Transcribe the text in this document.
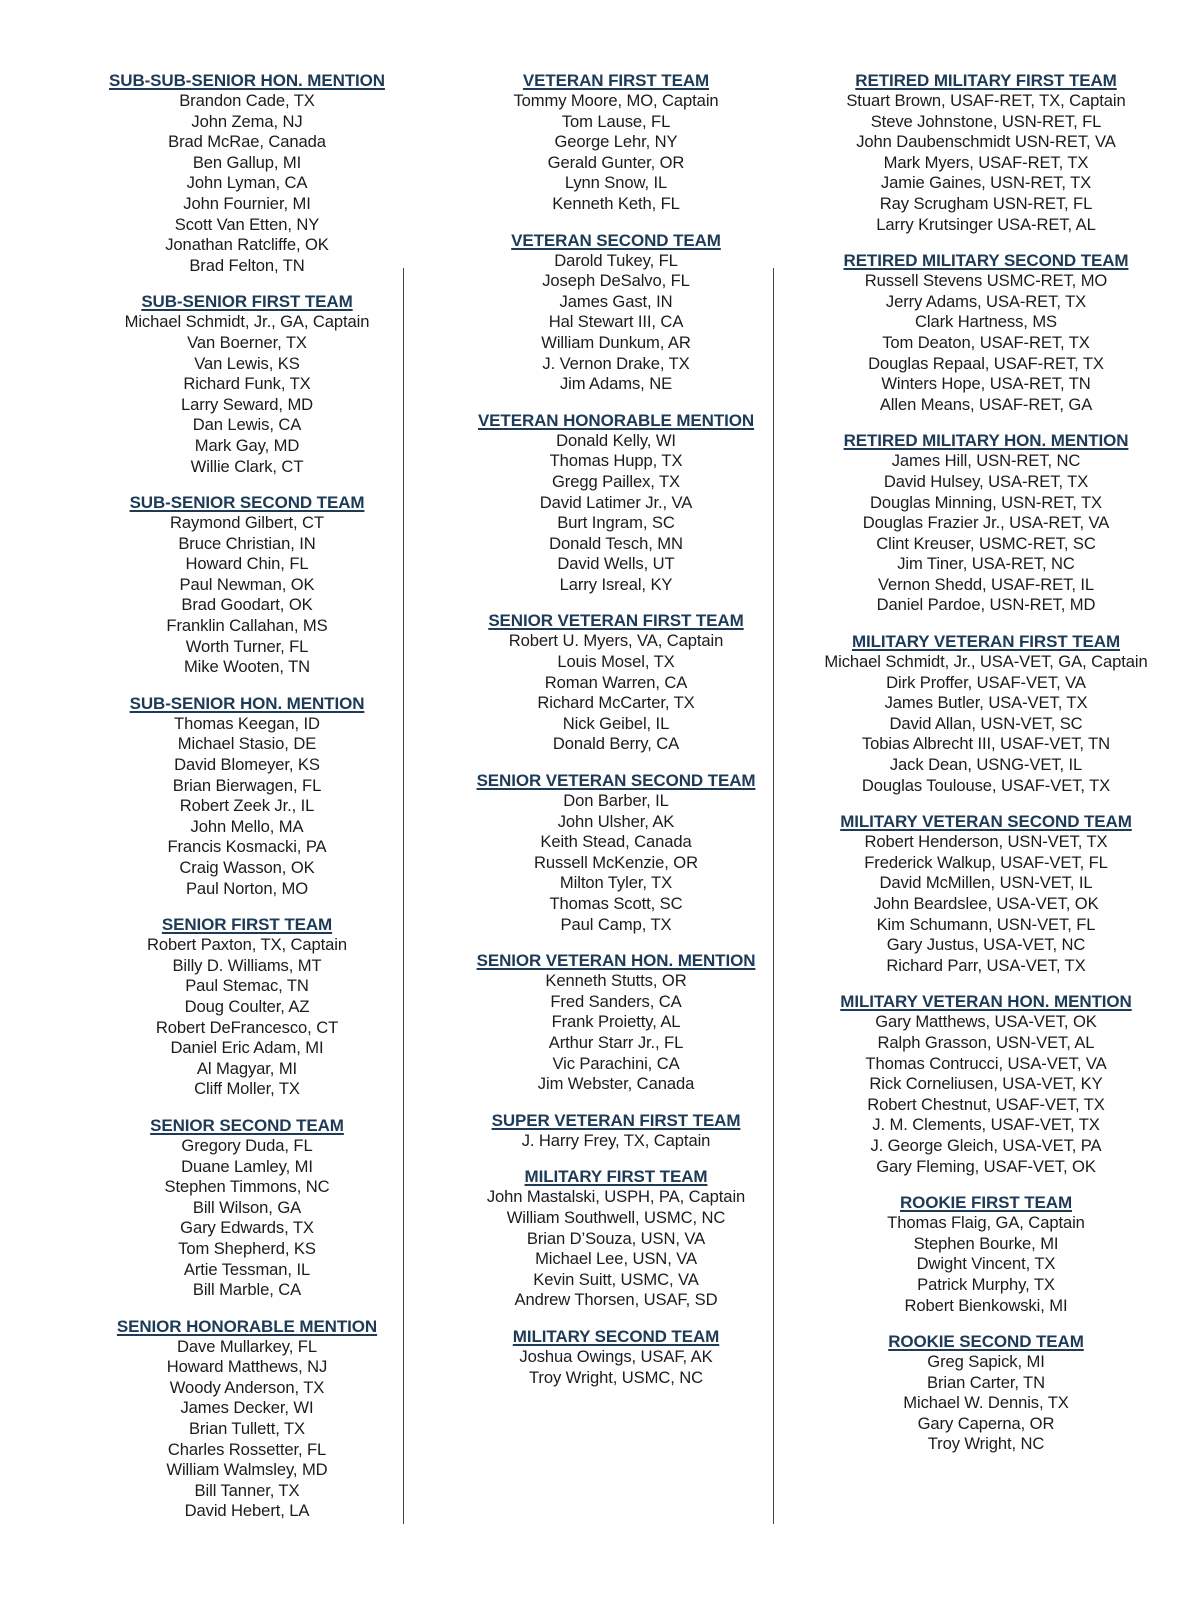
SUB-SUB-SENIOR HON. MENTION
Brandon Cade, TX
John Zema, NJ
Brad McRae, Canada
Ben Gallup, MI
John Lyman, CA
John Fournier, MI
Scott Van Etten, NY
Jonathan Ratcliffe, OK
Brad Felton, TN
SUB-SENIOR FIRST TEAM
Michael Schmidt, Jr., GA, Captain
Van Boerner, TX
Van Lewis, KS
Richard Funk, TX
Larry Seward, MD
Dan Lewis, CA
Mark Gay, MD
Willie Clark, CT
SUB-SENIOR SECOND TEAM
Raymond Gilbert, CT
Bruce Christian, IN
Howard Chin, FL
Paul Newman, OK
Brad Goodart, OK
Franklin Callahan, MS
Worth Turner, FL
Mike Wooten, TN
SUB-SENIOR HON. MENTION
Thomas Keegan, ID
Michael Stasio, DE
David Blomeyer, KS
Brian Bierwagen, FL
Robert Zeek Jr., IL
John Mello, MA
Francis Kosmacki, PA
Craig Wasson, OK
Paul Norton, MO
SENIOR FIRST TEAM
Robert Paxton, TX, Captain
Billy D. Williams, MT
Paul Stemac, TN
Doug Coulter, AZ
Robert DeFrancesco, CT
Daniel Eric Adam, MI
Al Magyar, MI
Cliff Moller, TX
SENIOR SECOND TEAM
Gregory Duda, FL
Duane Lamley, MI
Stephen Timmons, NC
Bill Wilson, GA
Gary Edwards, TX
Tom Shepherd, KS
Artie Tessman, IL
Bill Marble, CA
SENIOR HONORABLE MENTION
Dave Mullarkey, FL
Howard Matthews, NJ
Woody Anderson, TX
James Decker, WI
Brian Tullett, TX
Charles Rossetter, FL
William Walmsley, MD
Bill Tanner, TX
David Hebert, LA
VETERAN FIRST TEAM
Tommy Moore, MO, Captain
Tom Lause, FL
George Lehr, NY
Gerald Gunter, OR
Lynn Snow, IL
Kenneth Keth, FL
VETERAN SECOND TEAM
Darold Tukey, FL
Joseph DeSalvo, FL
James Gast, IN
Hal Stewart III, CA
William Dunkum, AR
J. Vernon Drake, TX
Jim Adams, NE
VETERAN HONORABLE MENTION
Donald Kelly, WI
Thomas Hupp, TX
Gregg Paillex, TX
David Latimer Jr., VA
Burt Ingram, SC
Donald Tesch, MN
David Wells, UT
Larry Isreal, KY
SENIOR VETERAN FIRST TEAM
Robert U. Myers, VA, Captain
Louis Mosel, TX
Roman Warren, CA
Richard McCarter, TX
Nick Geibel, IL
Donald Berry, CA
SENIOR VETERAN SECOND TEAM
Don Barber, IL
John Ulsher, AK
Keith Stead, Canada
Russell McKenzie, OR
Milton Tyler, TX
Thomas Scott, SC
Paul Camp, TX
SENIOR VETERAN HON. MENTION
Kenneth Stutts, OR
Fred Sanders, CA
Frank Proietty, AL
Arthur Starr Jr., FL
Vic Parachini, CA
Jim Webster, Canada
SUPER VETERAN FIRST TEAM
J. Harry Frey, TX, Captain
MILITARY FIRST TEAM
John Mastalski, USPH, PA, Captain
William Southwell, USMC, NC
Brian D’Souza, USN, VA
Michael Lee, USN, VA
Kevin Suitt, USMC, VA
Andrew Thorsen, USAF, SD
MILITARY SECOND TEAM
Joshua Owings, USAF, AK
Troy Wright, USMC, NC
RETIRED MILITARY FIRST TEAM
Stuart Brown, USAF-RET, TX, Captain
Steve Johnstone, USN-RET, FL
John Daubenschmidt USN-RET, VA
Mark Myers, USAF-RET, TX
Jamie Gaines, USN-RET, TX
Ray Scrugham USN-RET, FL
Larry Krutsinger USA-RET, AL
RETIRED MILITARY SECOND TEAM
Russell Stevens USMC-RET, MO
Jerry Adams, USA-RET, TX
Clark Hartness, MS
Tom Deaton, USAF-RET, TX
Douglas Repaal, USAF-RET, TX
Winters Hope, USA-RET, TN
Allen Means, USAF-RET, GA
RETIRED MILITARY HON. MENTION
James Hill, USN-RET, NC
David Hulsey, USA-RET, TX
Douglas Minning, USN-RET, TX
Douglas Frazier Jr., USA-RET, VA
Clint Kreuser, USMC-RET, SC
Jim Tiner, USA-RET, NC
Vernon Shedd, USAF-RET, IL
Daniel Pardoe, USN-RET, MD
MILITARY VETERAN FIRST TEAM
Michael Schmidt, Jr., USA-VET, GA, Captain
Dirk Proffer, USAF-VET, VA
James Butler, USA-VET, TX
David Allan, USN-VET, SC
Tobias Albrecht III, USAF-VET, TN
Jack Dean, USNG-VET, IL
Douglas Toulouse, USAF-VET, TX
MILITARY VETERAN SECOND TEAM
Robert Henderson, USN-VET, TX
Frederick Walkup, USAF-VET, FL
David McMillen, USN-VET, IL
John Beardslee, USA-VET, OK
Kim Schumann, USN-VET, FL
Gary Justus, USA-VET, NC
Richard Parr, USA-VET, TX
MILITARY VETERAN HON. MENTION
Gary Matthews, USA-VET, OK
Ralph Grasson, USN-VET, AL
Thomas Contrucci, USA-VET, VA
Rick Corneliusen, USA-VET, KY
Robert Chestnut, USAF-VET, TX
J. M. Clements, USAF-VET, TX
J. George Gleich, USA-VET, PA
Gary Fleming, USAF-VET, OK
ROOKIE FIRST TEAM
Thomas Flaig, GA, Captain
Stephen Bourke, MI
Dwight Vincent, TX
Patrick Murphy, TX
Robert Bienkowski, MI
ROOKIE SECOND TEAM
Greg Sapick, MI
Brian Carter, TN
Michael W. Dennis, TX
Gary Caperna, OR
Troy Wright, NC
